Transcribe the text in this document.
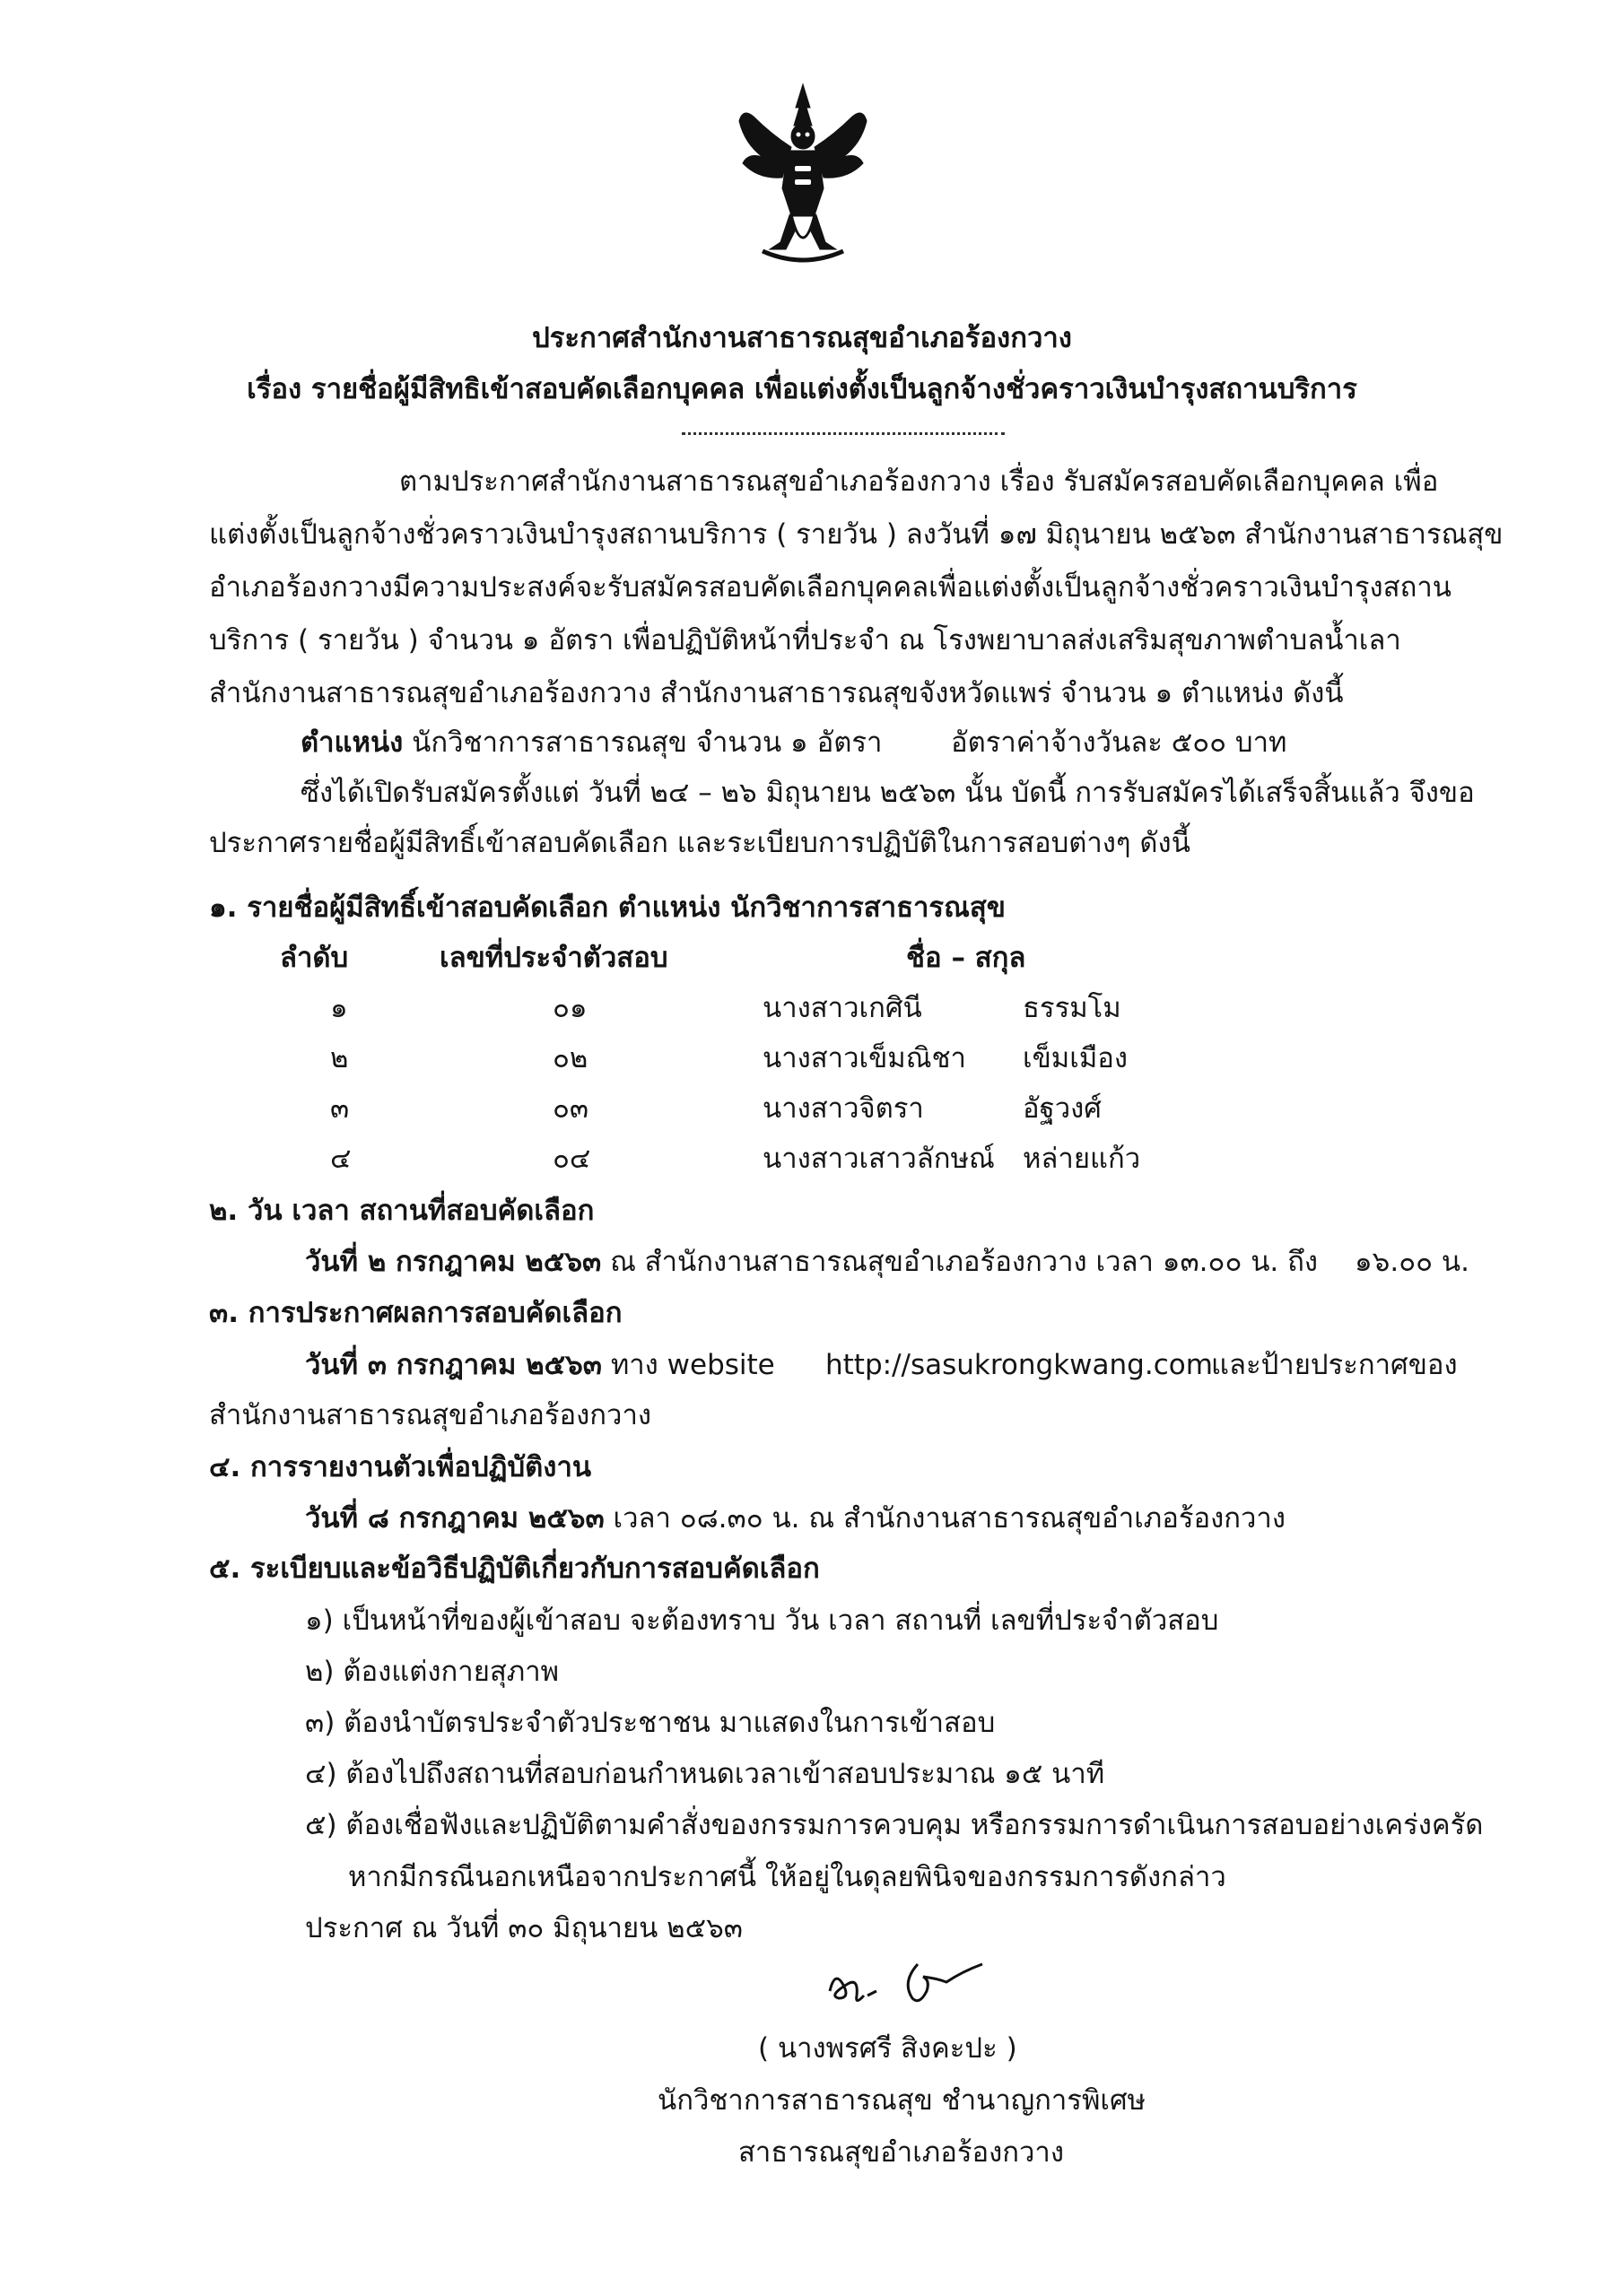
ประกาศสำนักงานสาธารณสุขอำเภอร้องกวาง
เรื่อง รายชื่อผู้มีสิทธิเข้าสอบคัดเลือกบุคคล เพื่อแต่งตั้งเป็นลูกจ้างชั่วคราวเงินบำรุงสถานบริการ
ตามประกาศสำนักงานสาธารณสุขอำเภอร้องกวาง เรื่อง รับสมัครสอบคัดเลือกบุคคล เพื่อ
แต่งตั้งเป็นลูกจ้างชั่วคราวเงินบำรุงสถานบริการ ( รายวัน ) ลงวันที่ ๑๗ มิถุนายน ๒๕๖๓ สำนักงานสาธารณสุข
อำเภอร้องกวางมีความประสงค์จะรับสมัครสอบคัดเลือกบุคคลเพื่อแต่งตั้งเป็นลูกจ้างชั่วคราวเงินบำรุงสถาน
บริการ ( รายวัน ) จำนวน ๑ อัตรา เพื่อปฏิบัติหน้าที่ประจำ ณ โรงพยาบาลส่งเสริมสุขภาพตำบลน้ำเลา
สำนักงานสาธารณสุขอำเภอร้องกวาง สำนักงานสาธารณสุขจังหวัดแพร่ จำนวน ๑ ตำแหน่ง ดังนี้
ตำแหน่ง นักวิชาการสาธารณสุข จำนวน ๑ อัตรา อัตราค่าจ้างวันละ ๕๐๐ บาท
ซึ่งได้เปิดรับสมัครตั้งแต่ วันที่ ๒๔ – ๒๖ มิถุนายน ๒๕๖๓ นั้น บัดนี้ การรับสมัครได้เสร็จสิ้นแล้ว จึงขอ
ประกาศรายชื่อผู้มีสิทธิ์เข้าสอบคัดเลือก และระเบียบการปฏิบัติในการสอบต่างๆ ดังนี้
๑. รายชื่อผู้มีสิทธิ์เข้าสอบคัดเลือก ตำแหน่ง นักวิชาการสาธารณสุข
ลำดับ	เลขที่ประจำตัวสอบ	ชื่อ – สกุล
๑	๐๑	นางสาวเกศินี	ธรรมโม
๒	๐๒	นางสาวเข็มณิชา เข็มเมือง
๓	๐๓	นางสาวจิตรา	อัฐวงศ์
๔	๐๔	นางสาวเสาวลักษณ์ หล่ายแก้ว
๒. วัน เวลา สถานที่สอบคัดเลือก
วันที่ ๒ กรกฎาคม ๒๕๖๓ ณ สำนักงานสาธารณสุขอำเภอร้องกวาง เวลา ๑๓.๐๐ น. ถึง ๑๖.๐๐ น.
๓. การประกาศผลการสอบคัดเลือก
วันที่ ๓ กรกฎาคม ๒๕๖๓ ทาง website http://sasukrongkwang.com
และป้ายประกาศของ
สำนักงานสาธารณสุขอำเภอร้องกวาง
๔. การรายงานตัวเพื่อปฏิบัติงาน
วันที่ ๘ กรกฎาคม ๒๕๖๓ เวลา ๐๘.๓๐ น. ณ สำนักงานสาธารณสุขอำเภอร้องกวาง
๕. ระเบียบและข้อวิธีปฏิบัติเกี่ยวกับการสอบคัดเลือก
๑) เป็นหน้าที่ของผู้เข้าสอบ จะต้องทราบ วัน เวลา สถานที่ เลขที่ประจำตัวสอบ
๒) ต้องแต่งกายสุภาพ
๓) ต้องนำบัตรประจำตัวประชาชน มาแสดงในการเข้าสอบ
๔) ต้องไปถึงสถานที่สอบก่อนกำหนดเวลาเข้าสอบประมาณ ๑๕ นาที
๕) ต้องเชื่อฟังและปฏิบัติตามคำสั่งของกรรมการควบคุม หรือกรรมการดำเนินการสอบอย่างเคร่งครัด
หากมีกรณีนอกเหนือจากประกาศนี้ ให้อยู่ในดุลยพินิจของกรรมการดังกล่าว
ประกาศ ณ วันที่ ๓๐ มิถุนายน ๒๕๖๓
( นางพรศรี สิงคะปะ )
นักวิชาการสาธารณสุข ชำนาญการพิเศษ
สาธารณสุขอำเภอร้องกวาง
